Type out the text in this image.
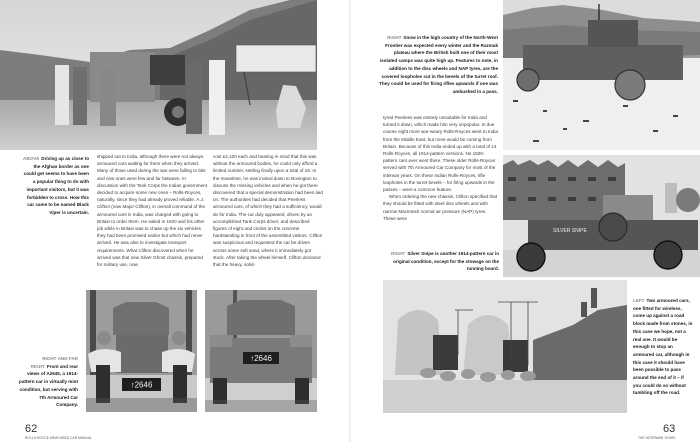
ABOVE Driving up as close to the Afghan border as one could get seems to have been a popular thing to do with important visitors, but it was forbidden to cross. How this car came to be named Black Viper is uncertain.

shipped out to India, although there were not always armoured cars waiting for them when they arrived. Many of those used during the war were falling to bits and new ones were few and far between. In discussion with the Tank Corps the Indian government decided to acquire some new ones – Rolls-Royces, naturally, since they had already proved reliable. A.J. Clifton (now Major Clifton), in overall command of the armoured cars in India, was charged with going to Britain to order them. He sailed in 1920 and his other job while in Britain was to chase up the six vehicles they had been promised earlier but which had never arrived. He was also to investigate transport requirements. What Clifton discovered when he arrived was that new Silver Ghost chassis, prepared for military use, now

cost £2,100 each and bearing in mind that this was without the armoured bodies, he could only afford a limited number, settling finally upon a total of 19. In the meantime, he was invited down to Bovington to discuss the missing vehicles and when he got there discovered that a special demonstration had been laid on. The authorities had decided that Peerless armoured cars, of which they had a sufficiency, would do for India. The car duly appeared, driven by an accomplished Tank Corps driver, and described figures of eight and circles on the concrete hardstanding in front of the assembled visitors. Clifton was suspicious and requested the car be driven across some soft sand, where it immediately got stuck. After taking the wheel himself, Clifton declared that the heavy, solid-

↑2646
↑2646
RIGHT AND FAR RIGHT Front and rear views of A2645, a 1914-pattern car in virtually mint condition, but serving with 7th Armoured Car Company.
62
ROLLS-ROYCE ARMOURED CAR MANUAL
RIGHT Snow in the high country of the North-West Frontier was expected every winter and the Razmak plateau where the British built one of their most isolated camps was quite high up. Features to note, in addition to the disc wheels and NAP tyres, are the covered loopholes cut in the bevels of the turret roof. They could be used for firing rifles upwards if one was ambushed in a pass.

tyred Peerless was entirely unsuitable for India and turned it down, which made him very unpopular. In due course eight more war-weary Rolls-Royces went to India from the Middle East, but none would be coming from Britain. Because of this India ended up with a total of 14 Rolls-Royces, all 1914-pattern versions. No 1920-pattern cars ever went there. These older Rolls-Royces served with 7th Armoured Car Company for most of the interwar years. On these Indian Rolls-Royces, rifle loopholes in the turret bevels – for firing upwards in the passes – were a common feature.

When ordering the new chassis, Clifton specified that they should be fitted with steel disc wheels and with narrow Macintosh normal air pressure (NAP) tyres. These were

SILVER SNIPE
RIGHT Silver Snipe is another 1914-pattern car in original condition, except for the stowage on the running board.
LEFT Two armoured cars, one fitted for wireless, come up against a road block made from stones, in this case we hope, not a real one. It would be enough to stop an armoured car, although in this case it should have been possible to pass around the end of it – if you could do so without tumbling off the road.
63
THE INTERWAR YEARS
